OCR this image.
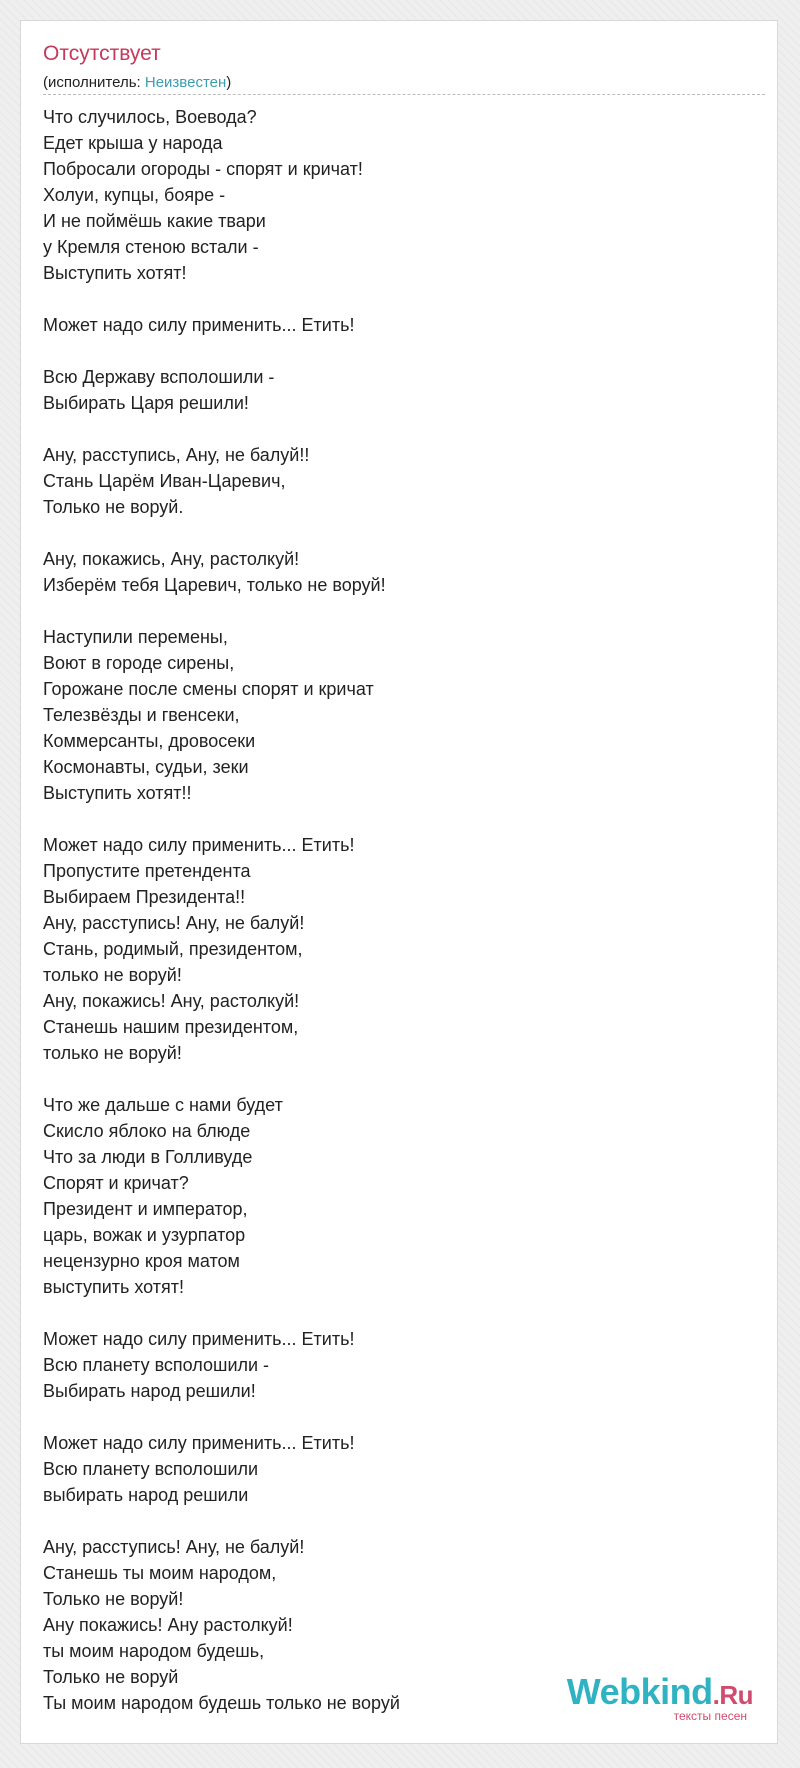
Отсутствует
(исполнитель: Неизвестен)
Что случилось, Воевода?
Едет крыша у народа
Побросали огороды - спорят и кричат!
Холуи, купцы, бояре -
И не поймёшь какие твари
у Кремля стеною встали -
Выступить хотят!
Может надо силу применить... Етить!
Всю Державу всполошили -
Выбирать Царя решили!
Ану, расступись, Ану, не балуй!!
Стань Царём Иван-Царевич,
Только не воруй.
Ану, покажись, Ану, растолкуй!
Изберём тебя Царевич, только не воруй!
Наступили перемены,
Воют в городе сирены,
Горожане после смены спорят и кричат
Телезвёзды и гвенсеки,
Коммерсанты, дровосеки
Космонавты, судьи, зеки
Выступить хотят!!
Может надо силу применить... Етить!
Пропустите претендента
Выбираем Президента!!
Ану, расступись! Ану, не балуй!
Стань, родимый, президентом,
только не воруй!
Ану, покажись! Ану, растолкуй!
Станешь нашим президентом,
только не воруй!
Что же дальше с нами будет
Скисло яблоко на блюде
Что за люди в Голливуде
Спорят и кричат?
Президент и император,
царь, вожак и узурпатор
нецензурно кроя матом
выступить хотят!
Может надо силу применить... Етить!
Всю планету всполошили -
Выбирать народ решили!
Может надо силу применить... Етить!
Всю планету всполошили
выбирать народ решили
Ану, расступись! Ану, не балуй!
Станешь ты моим народом,
Только не воруй!
Ану покажись! Ану растолкуй!
ты моим народом будешь,
Только не воруй
Ты моим народом будешь только не воруй	Webkind.Ru
тексты песен
